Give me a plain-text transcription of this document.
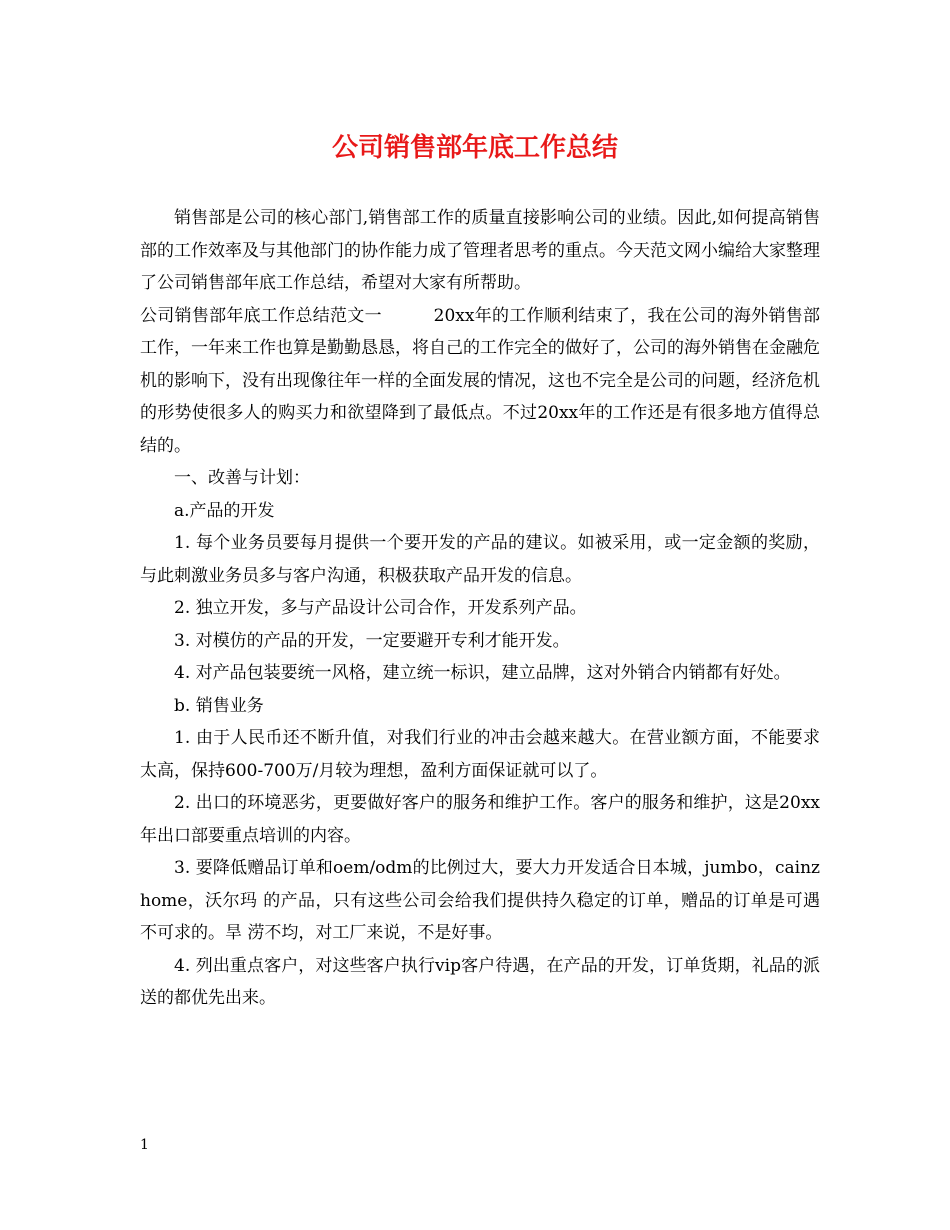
公司销售部年底工作总结

销售部是公司的核心部门,销售部工作的质量直接影响公司的业绩。因此,如何提高销售部的工作效率及与其他部门的协作能力成了管理者思考的重点。今天范文网小编给大家整理了公司销售部年底工作总结，希望对大家有所帮助。

公司销售部年底工作总结范文一　　　20xx年的工作顺利结束了，我在公司的海外销售部工作，一年来工作也算是勤勤恳恳，将自己的工作完全的做好了，公司的海外销售在金融危机的影响下，没有出现像往年一样的全面发展的情况，这也不完全是公司的问题，经济危机的形势使很多人的购买力和欲望降到了最低点。不过20xx年的工作还是有很多地方值得总结的。

一、改善与计划：

a.产品的开发

1. 每个业务员要每月提供一个要开发的产品的建议。如被采用，或一定金额的奖励，与此刺激业务员多与客户沟通，积极获取产品开发的信息。

2. 独立开发，多与产品设计公司合作，开发系列产品。

3. 对模仿的产品的开发，一定要避开专利才能开发。

4. 对产品包装要统一风格，建立统一标识，建立品牌，这对外销合内销都有好处。

b. 销售业务

1. 由于人民币还不断升值，对我们行业的冲击会越来越大。在营业额方面，不能要求太高，保持600-700万/月较为理想，盈利方面保证就可以了。

2. 出口的环境恶劣，更要做好客户的服务和维护工作。客户的服务和维护，这是20xx年出口部要重点培训的内容。

3. 要降低赠品订单和oem/odm的比例过大，要大力开发适合日本城，jumbo，cainz home，沃尔玛 的产品，只有这些公司会给我们提供持久稳定的订单，赠品的订单是可遇不可求的。旱 涝不均，对工厂来说，不是好事。

4. 列出重点客户，对这些客户执行vip客户待遇，在产品的开发，订单货期，礼品的派送的都优先出来。

1
